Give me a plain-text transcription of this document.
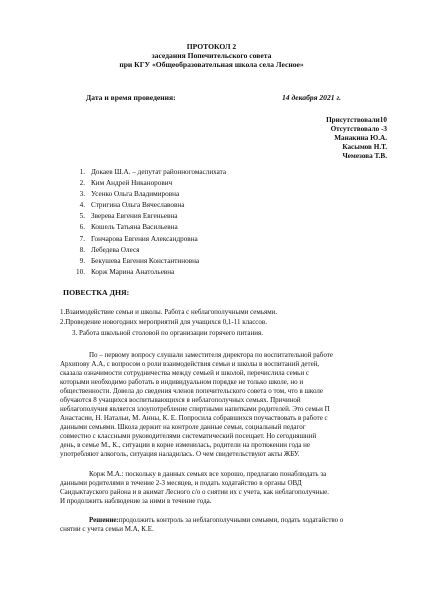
ПРОТОКОЛ 2
заседания Попечительского совета
при КГУ «Общеобразовательная школа села Лесное»
Дата и время проведения:	14 декабря 2021 г.
Присутствовали10
Отсутствовало -3
Манакина Ю.А.
Касымов Н.Т.
Чемезова Т.В.
1. Докаев Ш.А. – депутат районногомаслихата
2. Ким Андрей Никанорович
3. Усенко Ольга Владимировна
4. Стригина Ольга Вячеславовна
5. Зверева Евгения Евгеньевна
6. Кошель Татьяна Васильевна
7. Гончарова Евгения Александровна
8. Лебедева Олеся
9. Бекушева Евгения Константиновна
10. Корж Марина Анатольевна
ПОВЕСТКА ДНЯ:
1.Взаимодействие семьи и школы. Работа с неблагополучными семьями.
2.Проведение новогодних мероприятий для учащихся 0,1-11 классов.
3. Работа школьной столовой по организации горячего питания.
По – первому вопросу слушали заместителя директора по воспитательной работе
Архипову А.А, с вопросом о роли взаимодействия семьи и школы в воспитаний детей,
сказала означимости сотрудничества между семьей и школой, перечислила семьи с
которыми необходимо работать в индивидуальном порядке не только школе, но и
общественности. Довела до сведения членов попечительского совета о том, что в школе
обучаются 8 учащихся воспитывающихся в неблагополучных семьях. Причиной
неблагополучия является злоупотребление спиртными напитками родителей. Это семьи П
Анастасии, Н. Натальи, М. Анны, К. Е. Попросила собравшихся поучаствовать в работе с
данными семьями. Школа держит на контроле данные семьи, социальный педагог
совместно с классными руководителями систематический посещает. Но сегодняшний
день, в семье М., К., ситуации в корне изменилась, родители на протяжении года не
употребляют алкоголь, ситуация наладилась. О чем свидетельствуют акты ЖБУ.
Корж М.А.: поскольку в данных семьях все хорошо, предлагаю понаблюдать за
данными родителями в течение 2-3 месяцев, и подать ходатайство в органы ОВД
Саидыктауского района и в акимат Лесного с/о о снятии их с учета, как неблагополучные.
И продолжить наблюдение за ними в течение года.
Решение:продолжить контроль за неблагополучными семьями, подать ходатайство о
снятии с учета семьи М.А, К.Е.
